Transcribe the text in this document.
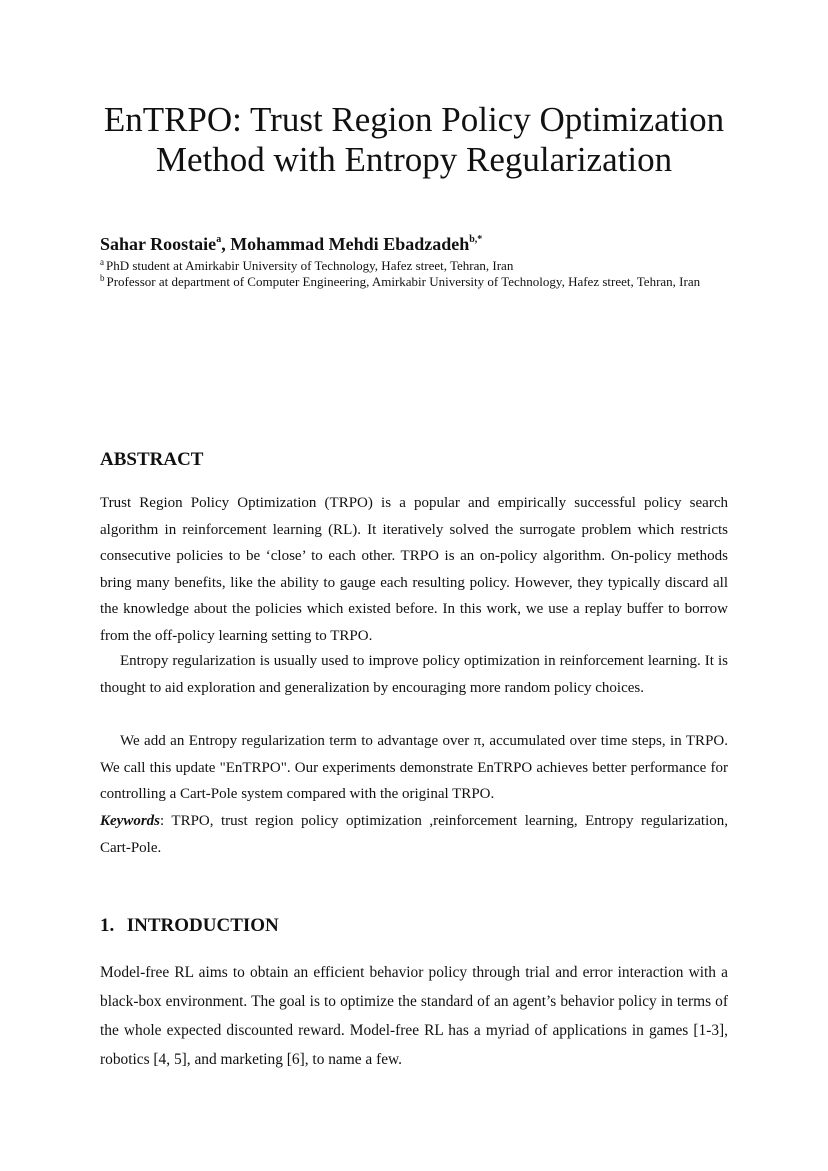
EnTRPO: Trust Region Policy Optimization
Method with Entropy Regularization
Sahar Roostaie$^a$, Mohammad Mehdi Ebadzadeh$^{b,*}$
$^a$ PhD student at Amirkabir University of Technology, Hafez street, Tehran, Iran
$^b$ Professor at department of Computer Engineering, Amirkabir University of Technology, Hafez street, Tehran, Iran
ABSTRACT

Trust Region Policy Optimization (TRPO) is a popular and empirically successful policy search algorithm in reinforcement learning (RL). It iteratively solved the surrogate problem which restricts consecutive policies to be ‘close’ to each other. TRPO is an on-policy algorithm. On-policy methods bring many benefits, like the ability to gauge each resulting policy. However, they typically discard all the knowledge about the policies which existed before. In this work, we use a replay buffer to borrow from the off-policy learning setting to TRPO.

Entropy regularization is usually used to improve policy optimization in reinforcement learning. It is thought to aid exploration and generalization by encouraging more random policy choices.

We add an Entropy regularization term to advantage over π, accumulated over time steps, in TRPO. We call this update "EnTRPO". Our experiments demonstrate EnTRPO achieves better performance for controlling a Cart-Pole system compared with the original TRPO.

Keywords: TRPO, trust region policy optimization ,reinforcement learning, Entropy regularization, Cart-Pole.

1. INTRODUCTION

Model-free RL aims to obtain an efficient behavior policy through trial and error interaction with a black-box environment. The goal is to optimize the standard of an agent’s behavior policy in terms of the whole expected discounted reward. Model-free RL has a myriad of applications in games [1-3], robotics [4, 5], and marketing [6], to name a few.
